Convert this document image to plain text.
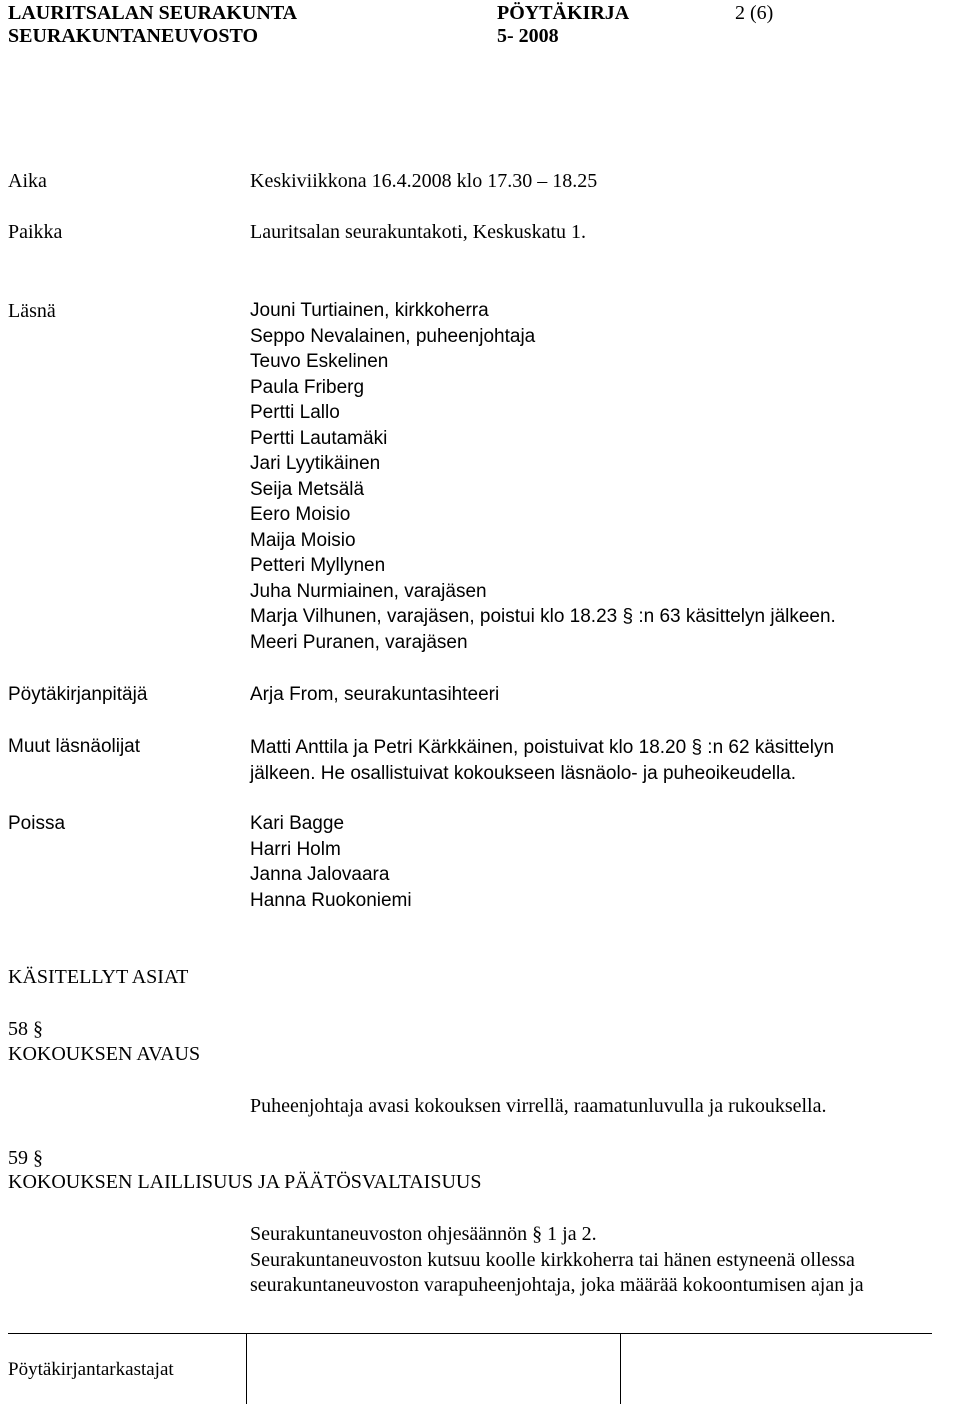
LAURITSALAN SEURAKUNTA
SEURAKUNTANEUVOSTO
PÖYTÄKIRJA
5- 2008
2 (6)
Aika	Keskiviikkona 16.4.2008 klo 17.30 – 18.25
Paikka	Lauritsalan seurakuntakoti, Keskuskatu 1.
Läsnä	Jouni Turtiainen, kirkkoherra
Seppo Nevalainen, puheenjohtaja
Teuvo Eskelinen
Paula Friberg
Pertti Lallo
Pertti Lautamäki
Jari Lyytikäinen
Seija Metsälä
Eero Moisio
Maija Moisio
Petteri Myllynen
Juha Nurmiainen, varajäsen
Marja Vilhunen, varajäsen, poistui klo 18.23 § :n 63 käsittelyn jälkeen.
Meeri Puranen, varajäsen
Pöytäkirjanpitäjä	Arja From, seurakuntasihteeri
Muut läsnäolijat	Matti Anttila ja Petri Kärkkäinen, poistuivat klo 18.20 § :n 62 käsittelyn
jälkeen. He osallistuivat kokoukseen läsnäolo- ja puheoikeudella.
Poissa	Kari Bagge
Harri Holm
Janna Jalovaara
Hanna Ruokoniemi
KÄSITELLYT ASIAT
58 §
KOKOUKSEN AVAUS
Puheenjohtaja avasi kokouksen virrellä, raamatunluvulla ja rukouksella.
59 §
KOKOUKSEN LAILLISUUS JA PÄÄTÖSVALTAISUUS
Seurakuntaneuvoston ohjesäännön § 1 ja 2.
Seurakuntaneuvoston kutsuu koolle kirkkoherra tai hänen estyneenä ollessa
seurakuntaneuvoston varapuheenjohtaja, joka määrää kokoontumisen ajan ja
Pöytäkirjantarkastajat
